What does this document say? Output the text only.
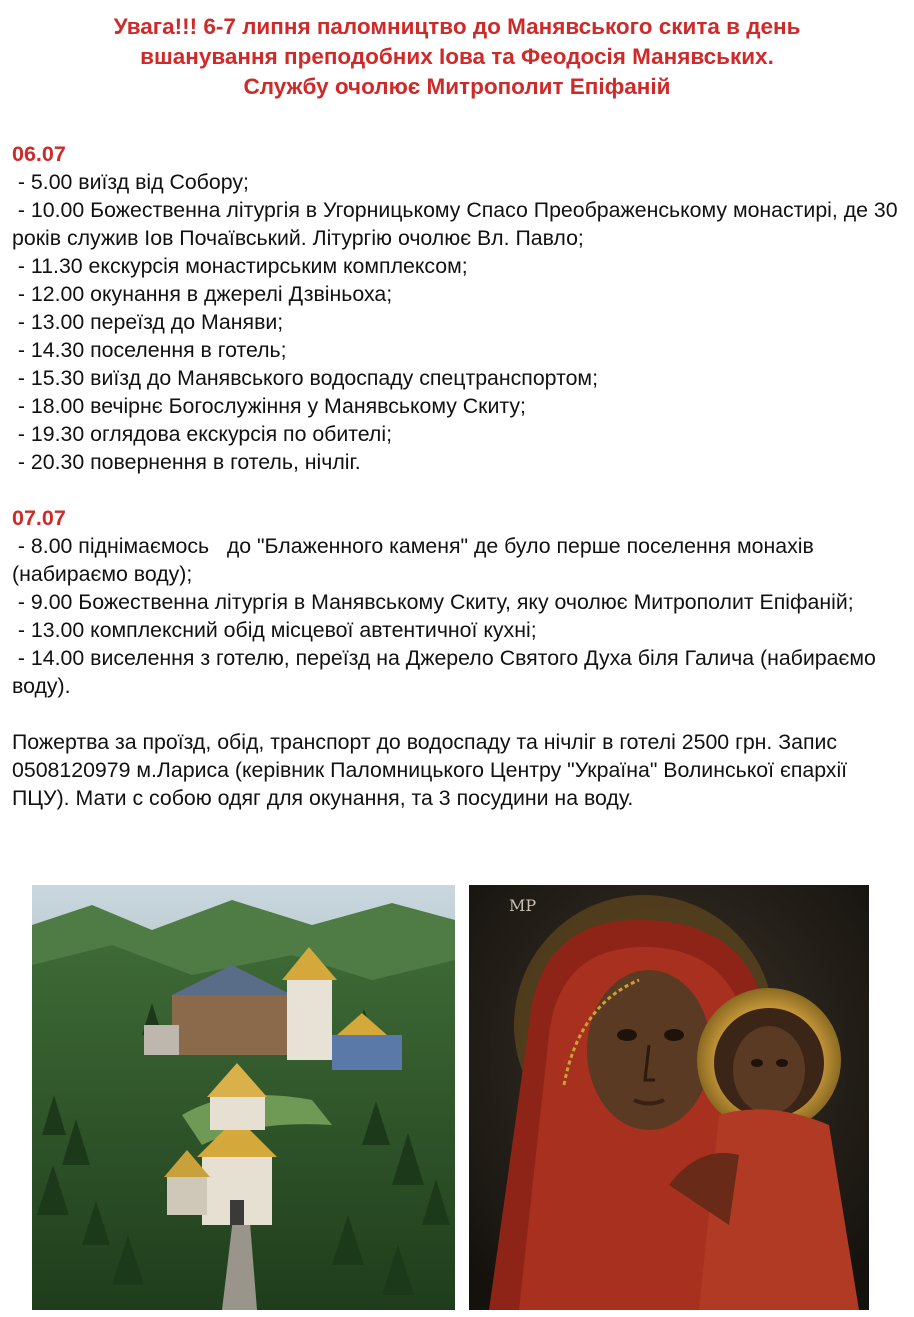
Увага!!! 6-7 липня паломництво до Манявського скита в день
вшанування преподобних Іова та Феодосія Манявських.
Службу очолює Митрополит Епіфаній
06.07
- 5.00 виїзд від Собору;
- 10.00 Божественна літургія в Угорницькому Спасо Преображенському монастирі, де 30 років служив Іов Почаївський. Літургію очолює Вл. Павло;
- 11.30 екскурсія монастирським комплексом;
- 12.00 окунання в джерелі Дзвіньоха;
- 13.00 переїзд до Маняви;
- 14.30 поселення в готель;
- 15.30 виїзд до Манявського водоспаду спецтранспортом;
- 18.00 вечірнє Богослужіння у Манявському Скиту;
- 19.30 оглядова екскурсія по обителі;
- 20.30 повернення в готель, нічліг.
07.07
- 8.00 піднімаємось   до "Блаженного каменя" де було перше поселення монахів (набираємо воду);
- 9.00 Божественна літургія в Манявському Скиту, яку очолює Митрополит Епіфаній;
- 13.00 комплексний обід місцевої автентичної кухні;
- 14.00 виселення з готелю, переїзд на Джерело Святого Духа біля Галича (набираємо воду).
Пожертва за проїзд, обід, транспорт до водоспаду та нічліг в готелі 2500 грн. Запис 0508120979 м.Лариса (керівник Паломницького Центру "Україна" Волинської єпархії ПЦУ). Мати с собою одяг для окунання, та 3 посудини на воду.
ΜΡ
